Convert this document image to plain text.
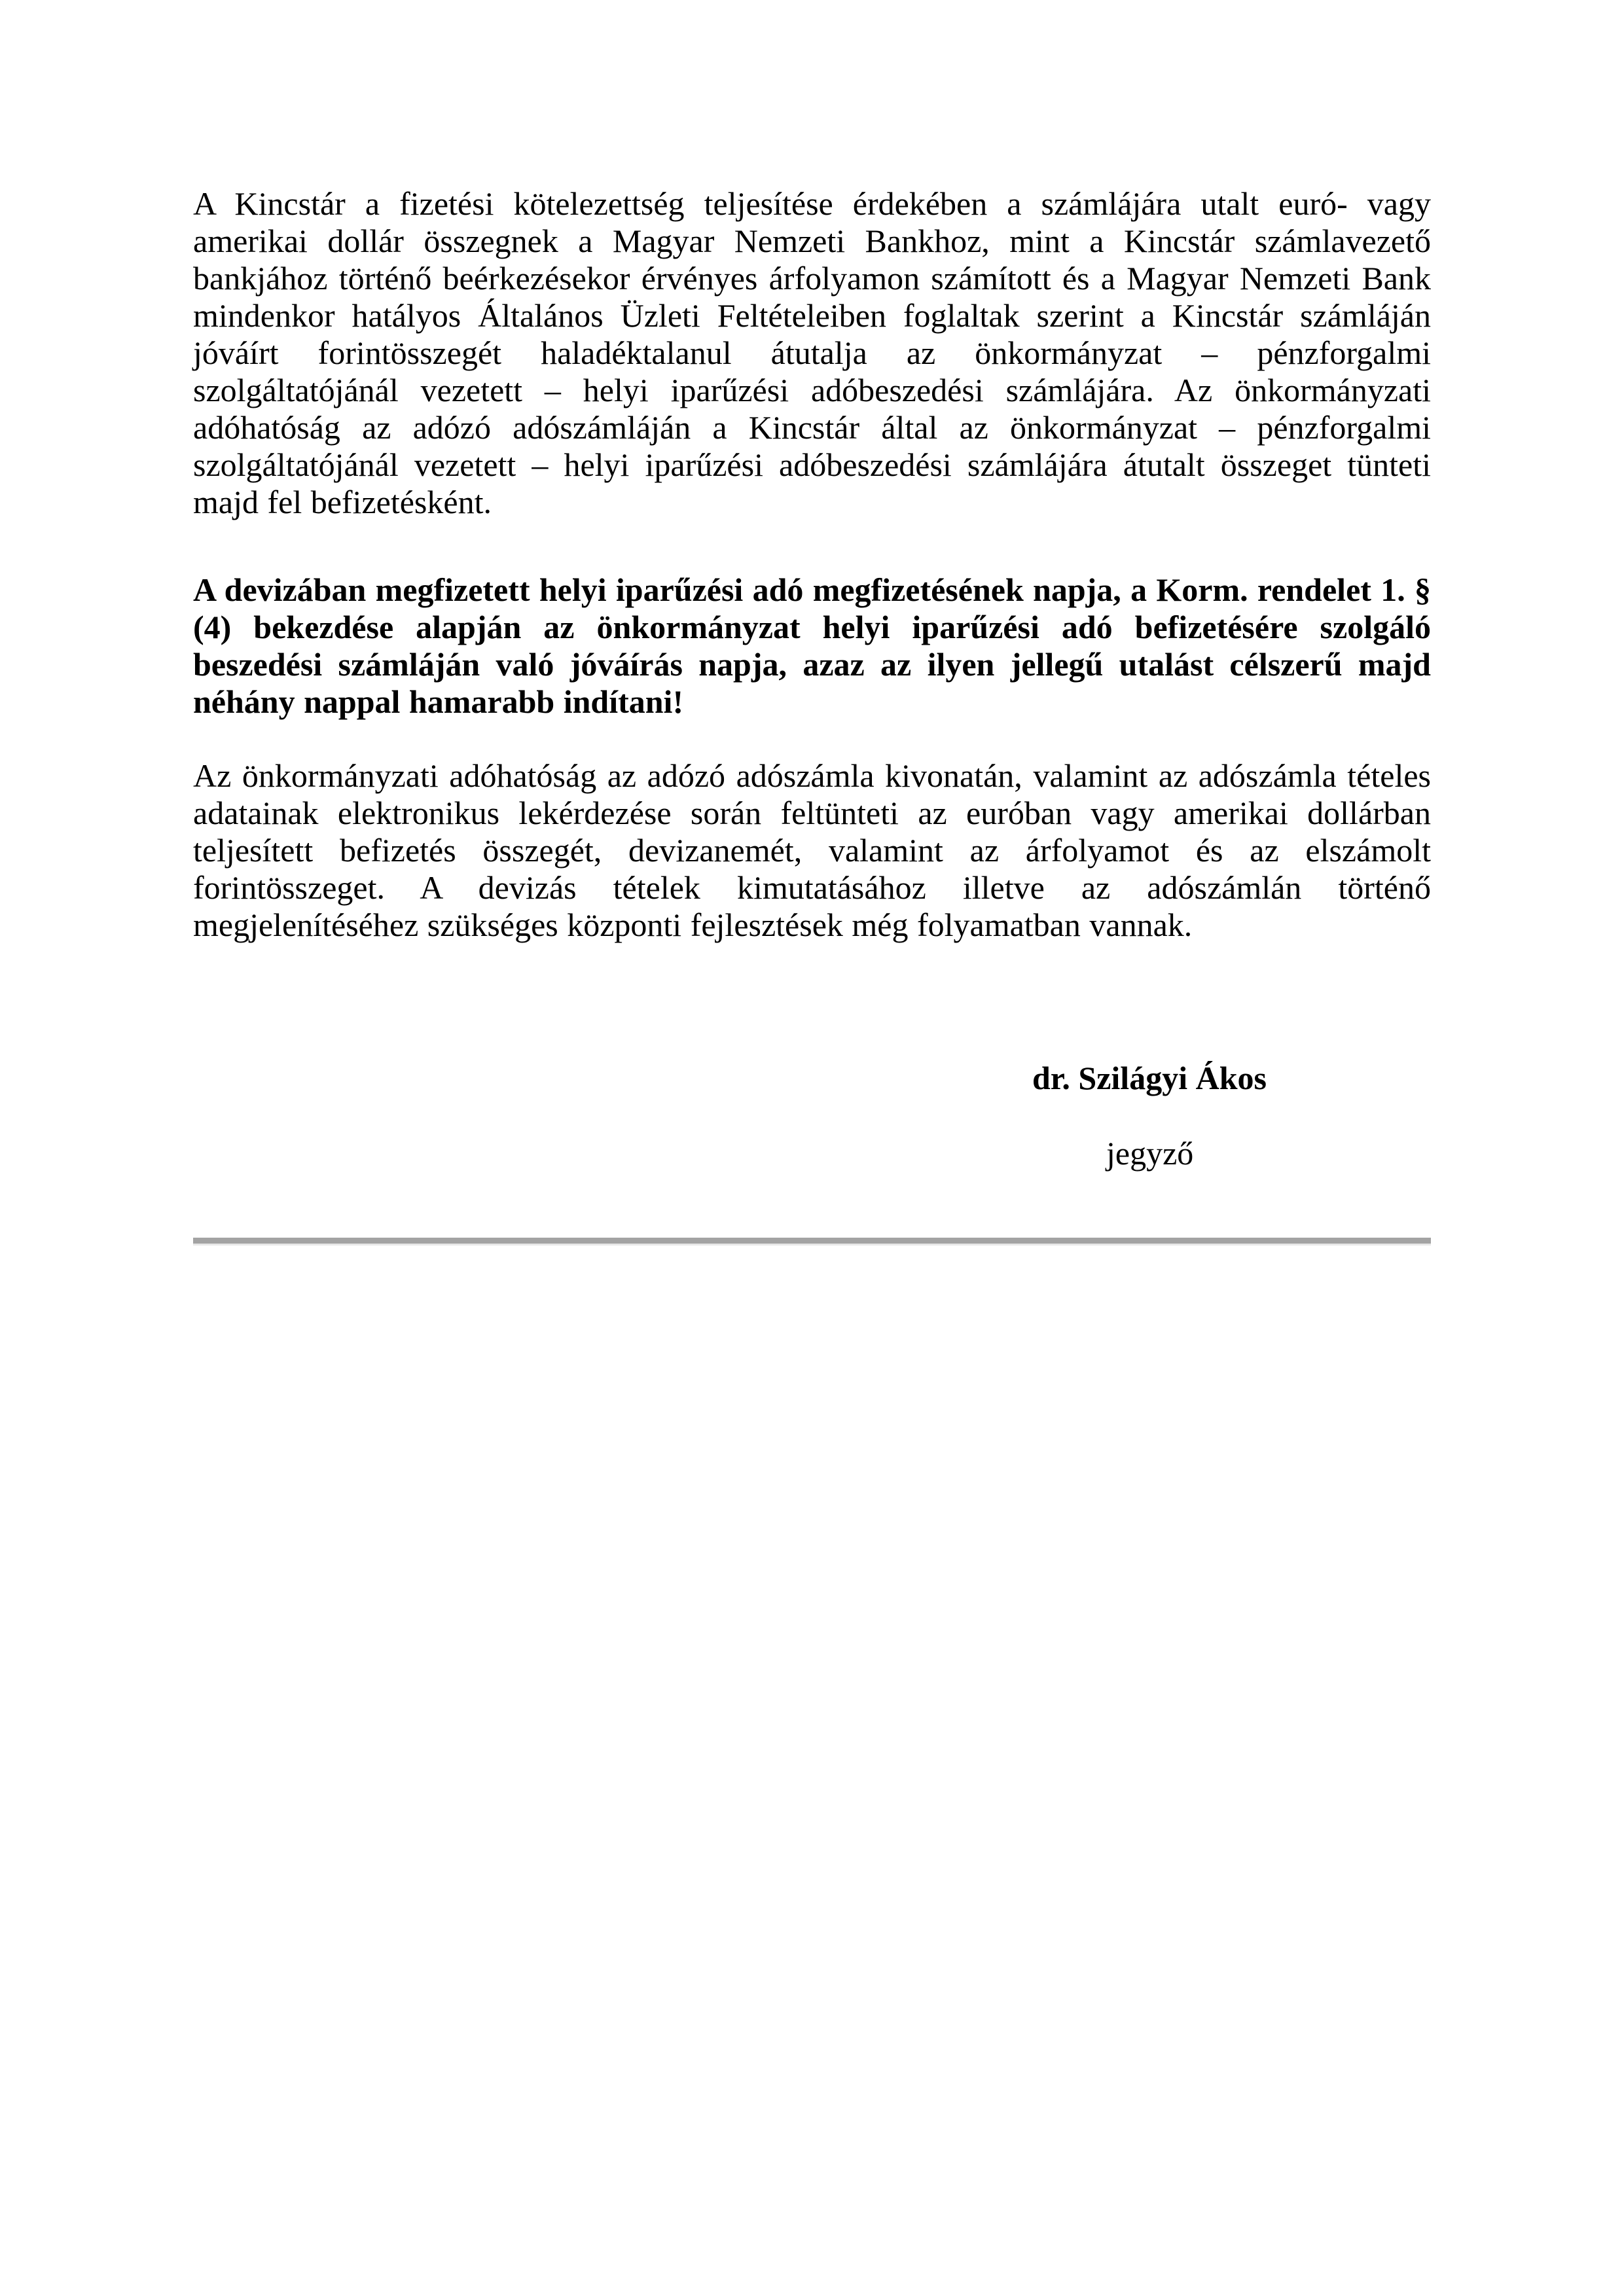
A Kincstár a fizetési kötelezettség teljesítése érdekében a számlájára utalt euró- vagy amerikai dollár összegnek a Magyar Nemzeti Bankhoz, mint a Kincstár számlavezető bankjához történő beérkezésekor érvényes árfolyamon számított és a Magyar Nemzeti Bank mindenkor hatályos Általános Üzleti Feltételeiben foglaltak szerint a Kincstár számláján jóváírt forintösszegét haladéktalanul átutalja az önkormányzat – pénzforgalmi szolgáltatójánál vezetett – helyi iparűzési adóbeszedési számlájára. Az önkormányzati adóhatóság az adózó adószámláján a Kincstár által az önkormányzat – pénzforgalmi szolgáltatójánál vezetett – helyi iparűzési adóbeszedési számlájára átutalt összeget tünteti majd fel befizetésként.

A devizában megfizetett helyi iparűzési adó megfizetésének napja, a Korm. rendelet 1. § (4) bekezdése alapján az önkormányzat helyi iparűzési adó befizetésére szolgáló beszedési számláján való jóváírás napja, azaz az ilyen jellegű utalást célszerű majd néhány nappal hamarabb indítani!

Az önkormányzati adóhatóság az adózó adószámla kivonatán, valamint az adószámla tételes adatainak elektronikus lekérdezése során feltünteti az euróban vagy amerikai dollárban teljesített befizetés összegét, devizanemét, valamint az árfolyamot és az elszámolt forintösszeget. A devizás tételek kimutatásához illetve az adószámlán történő megjelenítéséhez szükséges központi fejlesztések még folyamatban vannak.

dr. Szilágyi Ákos
jegyző
